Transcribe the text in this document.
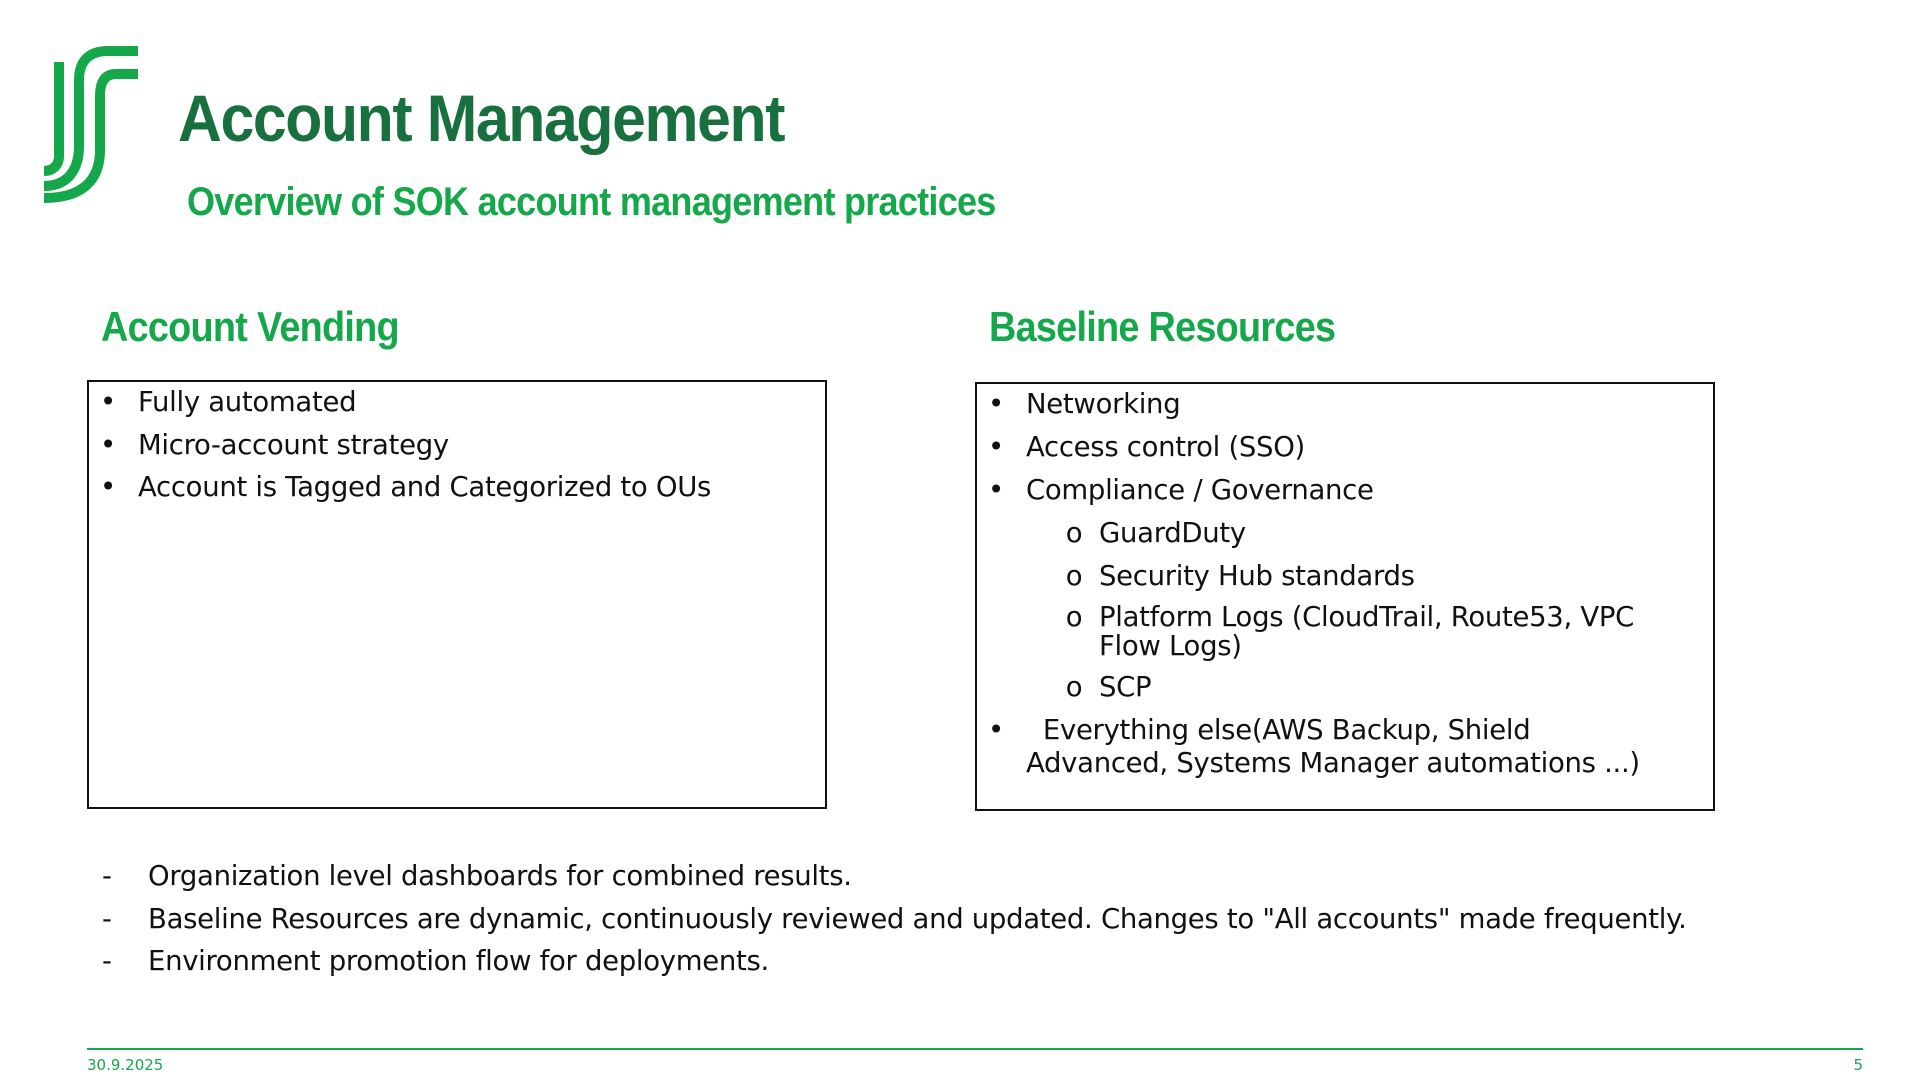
Account Management
Overview of SOK account management practices
Account Vending	Baseline Resources
• Fully automated
• Micro-account strategy
• Account is Tagged and Categorized to OUs
• Networking
• Access control (SSO)
• Compliance / Governance
o GuardDuty
o Security Hub standards
o Platform Logs (CloudTrail, Route53, VPC Flow Logs)
o SCP
• Everything else(AWS Backup, Shield Advanced, Systems Manager automations ...)
- Organization level dashboards for combined results.
- Baseline Resources are dynamic, continuously reviewed and updated. Changes to "All accounts" made frequently.
- Environment promotion flow for deployments.
30.9.2025	5
